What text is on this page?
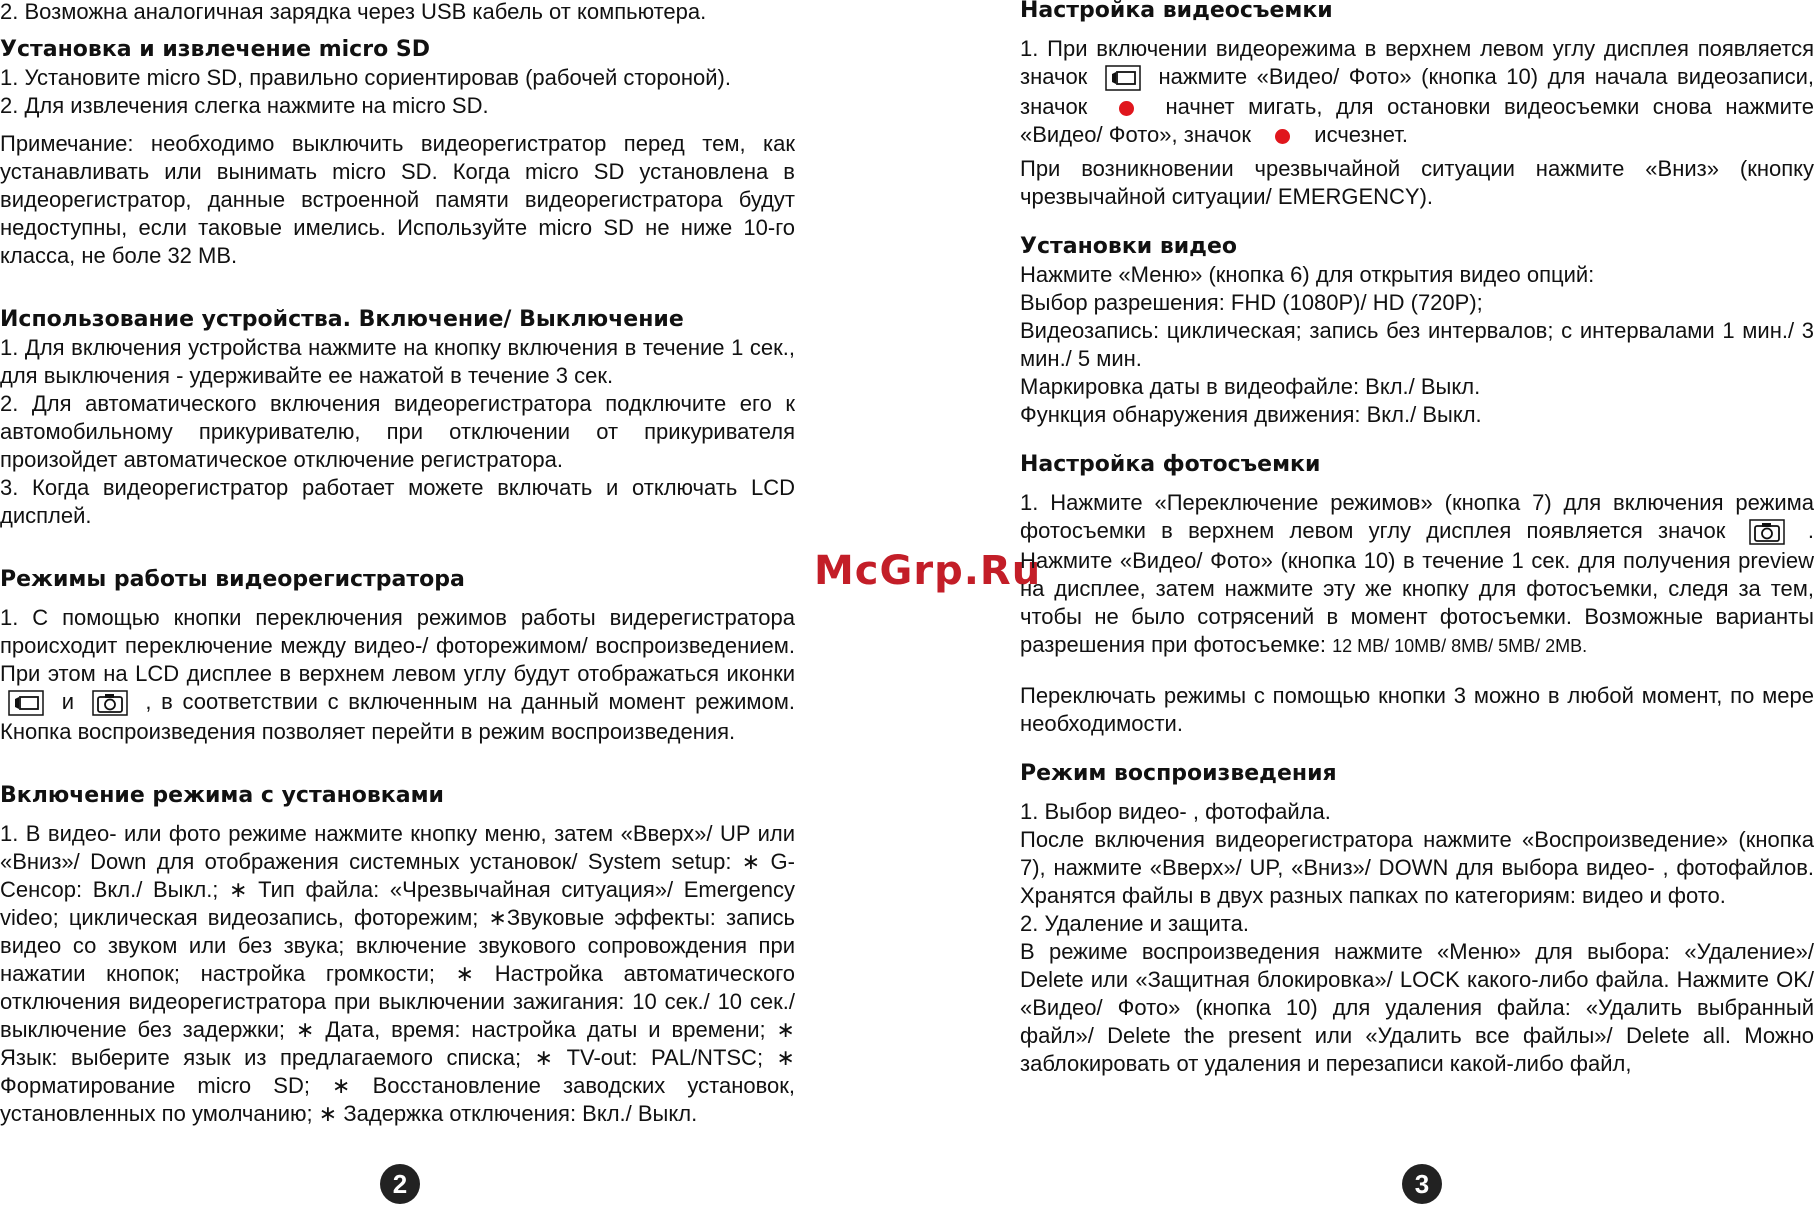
2. Возможна аналогичная зарядка через USB кабель от компьютера.

Установка и извлечение micro SD

1. Установите micro SD, правильно сориентировав (рабочей стороной).

2. Для извлечения слегка нажмите на micro SD.

Примечание: необходимо выключить видеорегистратор перед тем, как устанавливать или вынимать micro SD. Когда micro SD установлена в видеорегистратор, данные встроенной памяти видеорегистратора будут недоступны, если таковые имелись. Используйте micro SD не ниже 10-го класса, не боле 32 MB.

Использование устройства. Включение/ Выключение

1. Для включения устройства нажмите на кнопку включения в течение 1 сек., для выключения - удерживайте ее нажатой в течение 3 сек.

2. Для автоматического включения видеорегистратора подключите его к автомобильному прикуривателю, при отключении от прикуривателя произойдет автоматическое отключение регистратора.

3. Когда видеорегистратор работает можете включать и отключать LCD дисплей.

Режимы работы видеорегистратора

1. С помощью кнопки переключения режимов работы видерегистратора происходит переключение между видео-/ фоторежимом/ воспроизведением. При этом на LCD дисплее в верхнем левом углу будут отображаться иконки  и	, в соответствии с включенным на данный момент режимом. Кнопка воспроизведения позволяет перейти в режим воспроизведения.

Включение режима с установками

1. В видео- или фото режиме нажмите кнопку меню, затем «Вверх»/ UP или «Вниз»/ Down для отображения системных установок/ System setup: ∗ G-Сенсор: Вкл./ Выкл.; ∗ Тип файла: «Чрезвычайная ситуация»/ Emergency video; циклическая видеозапись, фоторежим; ∗Звуковые эффекты: запись видео со звуком или без звука; включение звукового сопровождения при нажатии кнопок; настройка громкости; ∗ Настройка автоматического отключения видеорегистратора при выключении зажигания: 10 сек./ 10 сек./ выключение без задержки; ∗ Дата, время: настройка даты и времени; ∗ Язык: выберите язык из предлагаемого списка; ∗ TV-out: PAL/NTSC; ∗ Форматирование micro SD; ∗ Восстановление заводских установок, установленных по умолчанию; ∗ Задержка отключения: Вкл./ Выкл.

2
McGrp.Ru
Настройка видеосъемки

1. При включении видеорежима в верхнем левом углу дисплея появляется значок	нажмите «Видео/ Фото» (кнопка 10) для начала видеозаписи, значок	начнет мигать, для остановки видеосъемки снова нажмите «Видео/ Фото», значок	исчезнет.

При возникновении чрезвычайной ситуации нажмите «Вниз» (кнопку чрезвычайной ситуации/ EMERGENCY).

Установки видео

Нажмите «Меню» (кнопка 6) для открытия видео опций:

Выбор разрешения: FHD (1080P)/ HD (720P);

Видеозапись: циклическая; запись без интервалов; с интервалами 1 мин./ 3 мин./ 5 мин.

Маркировка даты в видеофайле: Вкл./ Выкл.

Функция обнаружения движения: Вкл./ Выкл.

Настройка фотосъемки

1. Нажмите «Переключение режимов» (кнопка 7) для включения режима фотосъемки в верхнем левом углу дисплея появляется значок	. Нажмите «Видео/ Фото» (кнопка 10) в течение 1 сек. для получения preview на дисплее, затем нажмите эту же кнопку для фотосъемки, следя за тем, чтобы не было сотрясений в момент фотосъемки. Возможные варианты разрешения при фотосъемке: 12 MB/ 10MB/ 8MB/ 5MB/ 2MB.

Переключать режимы с помощью кнопки 3 можно в любой момент, по мере необходимости.

Режим воспроизведения

1. Выбор видео- , фотофайла.

После включения видеорегистратора нажмите «Воспроизведение» (кнопка 7), нажмите «Вверх»/ UP, «Вниз»/ DOWN для выбора видео- , фотофайлов. Хранятся файлы в двух разных папках по категориям: видео и фото.

2. Удаление и защита.

В режиме воспроизведения нажмите «Меню» для выбора: «Удаление»/ Delete или «Защитная блокировка»/ LOCK какого-либо файла. Нажмите OK/ «Видео/ Фото» (кнопка 10) для удаления файла: «Удалить выбранный файл»/ Delete the present или «Удалить все файлы»/ Delete all. Можно заблокировать от удаления и перезаписи какой-либо файл,

3
